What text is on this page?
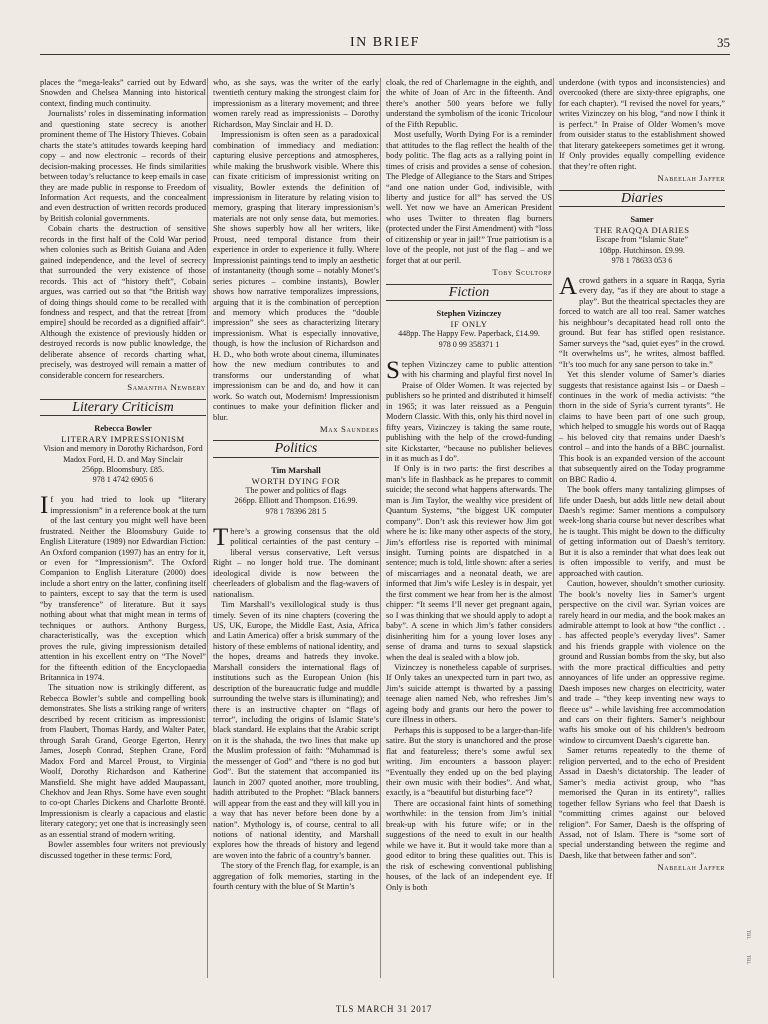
IN BRIEF	35

places the “mega-leaks” carried out by Edward Snowden and Chelsea Manning into historical context, finding much continuity.

Journalists’ roles in disseminating information and questioning state secrecy is another prominent theme of The History Thieves. Cobain charts the state’s attitudes towards keeping hard copy – and now electronic – records of their decision-making processes. He finds similarities between today’s reluctance to keep emails in case they are made public in response to Freedom of Information Act requests, and the concealment and even destruction of written records produced by British colonial governments.

Cobain charts the destruction of sensitive records in the first half of the Cold War period when colonies such as British Guiana and Aden gained independence, and the level of secrecy that surrounded the very existence of those records. This act of “history theft”, Cobain argues, was carried out so that “the British way of doing things should come to be recalled with fondness and respect, and that the retreat [from empire] should be recorded as a dignified affair”. Although the existence of previously hidden or destroyed records is now public knowledge, the deliberate absence of records charting what, precisely, was destroyed will remain a matter of considerable concern for researchers.

Samantha Newbery
Literary Criticism
Rebecca Bowler
LITERARY IMPRESSIONISM
Vision and memory in Dorothy Richardson, Ford Madox Ford, H. D. and May Sinclair
256pp. Bloomsbury. £85.
978 1 4742 6905 6

If you had tried to look up “literary impressionism” in a reference book at the turn of the last century you might well have been frustrated. Neither the Bloomsbury Guide to English Literature (1989) nor Edwardian Fiction: An Oxford companion (1997) has an entry for it, or even for “Impressionism”. The Oxford Companion to English Literature (2000) does include a short entry on the latter, confining itself to painters, except to say that the term is used “by transference” of literature. But it says nothing about what that might mean in terms of techniques or authors. Anthony Burgess, characteristically, was the exception which proves the rule, giving impressionism detailed attention in his excellent entry on “The Novel” for the fifteenth edition of the Encyclopaedia Britannica in 1974.

The situation now is strikingly different, as Rebecca Bowler’s subtle and compelling book demonstrates. She lists a striking range of writers described by recent criticism as impressionist: from Flaubert, Thomas Hardy, and Walter Pater, through Sarah Grand, George Egerton, Henry James, Joseph Conrad, Stephen Crane, Ford Madox Ford and Marcel Proust, to Virginia Woolf, Dorothy Richardson and Katherine Mansfield. She might have added Maupassant, Chekhov and Jean Rhys. Some have even sought to co-opt Charles Dickens and Charlotte Brontë. Impressionism is clearly a capacious and elastic literary category; yet one that is increasingly seen as an essential strand of modern writing.

Bowler assembles four writers not previously discussed together in these terms: Ford,

who, as she says, was the writer of the early twentieth century making the strongest claim for impressionism as a literary movement; and three women rarely read as impressionists – Dorothy Richardson, May Sinclair and H. D.

Impressionism is often seen as a paradoxical combination of immediacy and mediation: capturing elusive perceptions and atmospheres, while making the brushwork visible. Where this can fixate criticism of impressionist writing on visuality, Bowler extends the definition of impressionism in literature by relating vision to memory, grasping that literary impressionism’s materials are not only sense data, but memories. She shows superbly how all her writers, like Proust, need temporal distance from their experience in order to experience it fully. Where Impressionist paintings tend to imply an aesthetic of instantaneity (though some – notably Monet’s series pictures – combine instants), Bowler shows how narrative temporalizes impressions, arguing that it is the combination of perception and memory which produces the “double impression” she sees as characterizing literary impressionism. What is especially innovative, though, is how the inclusion of Richardson and H. D., who both wrote about cinema, illuminates how the new medium contributes to and transforms our understanding of what impressionism can be and do, and how it can work. So watch out, Modernism! Impressionism continues to make your definition flicker and blur.

Max Saunders
Politics
Tim Marshall
WORTH DYING FOR
The power and politics of flags
266pp. Elliott and Thompson. £16.99.
978 1 78396 281 5

There’s a growing consensus that the old political certainties of the past century – liberal versus conservative, Left versus Right – no longer hold true. The dominant ideological divide is now between the cheerleaders of globalism and the flag-wavers of nationalism.

Tim Marshall’s vexillological study is thus timely. Seven of its nine chapters (covering the US, UK, Europe, the Middle East, Asia, Africa and Latin America) offer a brisk summary of the history of these emblems of national identity, and the hopes, dreams and hatreds they invoke. Marshall considers the international flags of institutions such as the European Union (his description of the bureaucratic fudge and muddle surrounding the twelve stars is illuminating); and there is an instructive chapter on “flags of terror”, including the origins of Islamic State’s black standard. He explains that the Arabic script on it is the shahada, the two lines that make up the Muslim profession of faith: “Muhammad is the messenger of God” and “there is no god but God”. But the statement that accompanied its launch in 2007 quoted another, more troubling, hadith attributed to the Prophet: “Black banners will appear from the east and they will kill you in a way that has never before been done by a nation”. Mythology is, of course, central to all notions of national identity, and Marshall explores how the threads of history and legend are woven into the fabric of a country’s banner.

The story of the French flag, for example, is an aggregation of folk memories, starting in the fourth century with the blue of St Martin’s

cloak, the red of Charlemagne in the eighth, and the white of Joan of Arc in the fifteenth. And there’s another 500 years before we fully understand the symbolism of the iconic Tricolour of the Fifth Republic.

Most usefully, Worth Dying For is a reminder that attitudes to the flag reflect the health of the body politic. The flag acts as a rallying point in times of crisis and provides a sense of cohesion. The Pledge of Allegiance to the Stars and Stripes “and one nation under God, indivisible, with liberty and justice for all” has served the US well. Yet now we have an American President who uses Twitter to threaten flag burners (protected under the First Amendment) with “loss of citizenship or year in jail!” True patriotism is a love of the people, not just of the flag – and we forget that at our peril.

Toby Scultorp
Fiction
Stephen Vizinczey
IF ONLY
448pp. The Happy Few. Paperback, £14.99.
978 0 99 358371 1

Stephen Vizinczey came to public attention with his charming and playful first novel In Praise of Older Women. It was rejected by publishers so he printed and distributed it himself in 1965; it was later reissued as a Penguin Modern Classic. With this, only his third novel in fifty years, Vizinczey is taking the same route, publishing with the help of the crowd-funding site Kickstarter, “because no publisher believes in it as much as I do”.

If Only is in two parts: the first describes a man’s life in flashback as he prepares to commit suicide; the second what happens afterwards. The man is Jim Taylor, the wealthy vice president of Quantum Systems, “the biggest UK computer company”. Don’t ask this reviewer how Jim got where he is: like many other aspects of the story, Jim’s effortless rise is reported with minimal insight. Turning points are dispatched in a sentence; much is told, little shown: after a series of miscarriages and a neonatal death, we are informed that Jim’s wife Lesley is in despair, yet the first comment we hear from her is the almost chipper: “It seems I’ll never get pregnant again, so I was thinking that we should apply to adopt a baby”. A scene in which Jim’s father considers disinheriting him for a young lover loses any sense of drama and turns to sexual slapstick when the deal is sealed with a blow job.

Vizinczey is nonetheless capable of surprises. If Only takes an unexpected turn in part two, as Jim’s suicide attempt is thwarted by a passing teenage alien named Neb, who refreshes Jim’s ageing body and grants our hero the power to cure illness in others.

Perhaps this is supposed to be a larger-than-life satire. But the story is unanchored and the prose flat and featureless; there’s some awful sex writing. Jim encounters a bassoon player: “Eventually they ended up on the bed playing their own music with their bodies”. And what, exactly, is a “beautiful but disturbing face”?

There are occasional faint hints of something worthwhile: in the tension from Jim’s initial break-up with his future wife; or in the suggestions of the need to exult in our health while we have it. But it would take more than a good editor to bring these qualities out. This is the risk of eschewing conventional publishing houses, of the lack of an independent eye. If Only is both

underdone (with typos and inconsistencies) and overcooked (there are sixty-three epigraphs, one for each chapter). “I revised the novel for years,” writes Vizinczey on his blog, “and now I think it is perfect.” In Praise of Older Women’s move from outsider status to the establishment showed that literary gatekeepers sometimes get it wrong. If Only provides equally compelling evidence that they’re often right.

Nabeelah Jaffer
Diaries
Samer
THE RAQQA DIARIES
Escape from “Islamic State”
108pp. Hutchinson. £9.99.
978 1 78633 053 6

A crowd gathers in a square in Raqqa, Syria every day, “as if they are about to stage a play”. But the theatrical spectacles they are forced to watch are all too real. Samer watches his neighbour’s decapitated head roll onto the ground. But fear has stifled open resistance. Samer surveys the “sad, quiet eyes” in the crowd. “It overwhelms us”, he writes, almost baffled. “It’s too much for any sane person to take in.”

Yet this slender volume of Samer’s diaries suggests that resistance against Isis – or Daesh – continues in the work of media activists: “the thorn in the side of Syria’s current tyrants”. He claims to have been part of one such group, which helped to smuggle his words out of Raqqa – his beloved city that remains under Daesh’s control – and into the hands of a BBC journalist. This book is an expanded version of the account that subsequently aired on the Today programme on BBC Radio 4.

The book offers many tantalizing glimpses of life under Daesh, but adds little new detail about Daesh’s regime: Samer mentions a compulsory week-long sharia course but never describes what he is taught. This might be down to the difficulty of getting information out of Daesh’s territory. But it is also a reminder that what does leak out is often impossible to verify, and must be approached with caution.

Caution, however, shouldn’t smother curiosity. The book’s novelty lies in Samer’s urgent perspective on the civil war. Syrian voices are rarely heard in our media, and the book makes an admirable attempt to look at how “the conflict . . . has affected people’s everyday lives”. Samer and his friends grapple with violence on the ground and Russian bombs from the sky, but also with the more practical difficulties and petty annoyances of life under an oppressive regime. Daesh imposes new charges on electricity, water and trade – “they keep inventing new ways to fleece us” – while lavishing free accommodation and cars on their fighters. Samer’s neighbour wafts his smoke out of his children’s bedroom window to circumvent Daesh’s cigarette ban.

Samer returns repeatedly to the theme of religion perverted, and to the echo of President Assad in Daesh’s dictatorship. The leader of Samer’s media activist group, who “has memorised the Quran in its entirety”, rallies together fellow Syrians who feel that Daesh is “committing crimes against our beloved religion”. For Samer, Daesh is the offspring of Assad, not of Islam. There is “some sort of special understanding between the regime and Daesh, like that between father and son”.

Nabeelah Jaffer
TBL
TBL
TLS MARCH 31 2017
